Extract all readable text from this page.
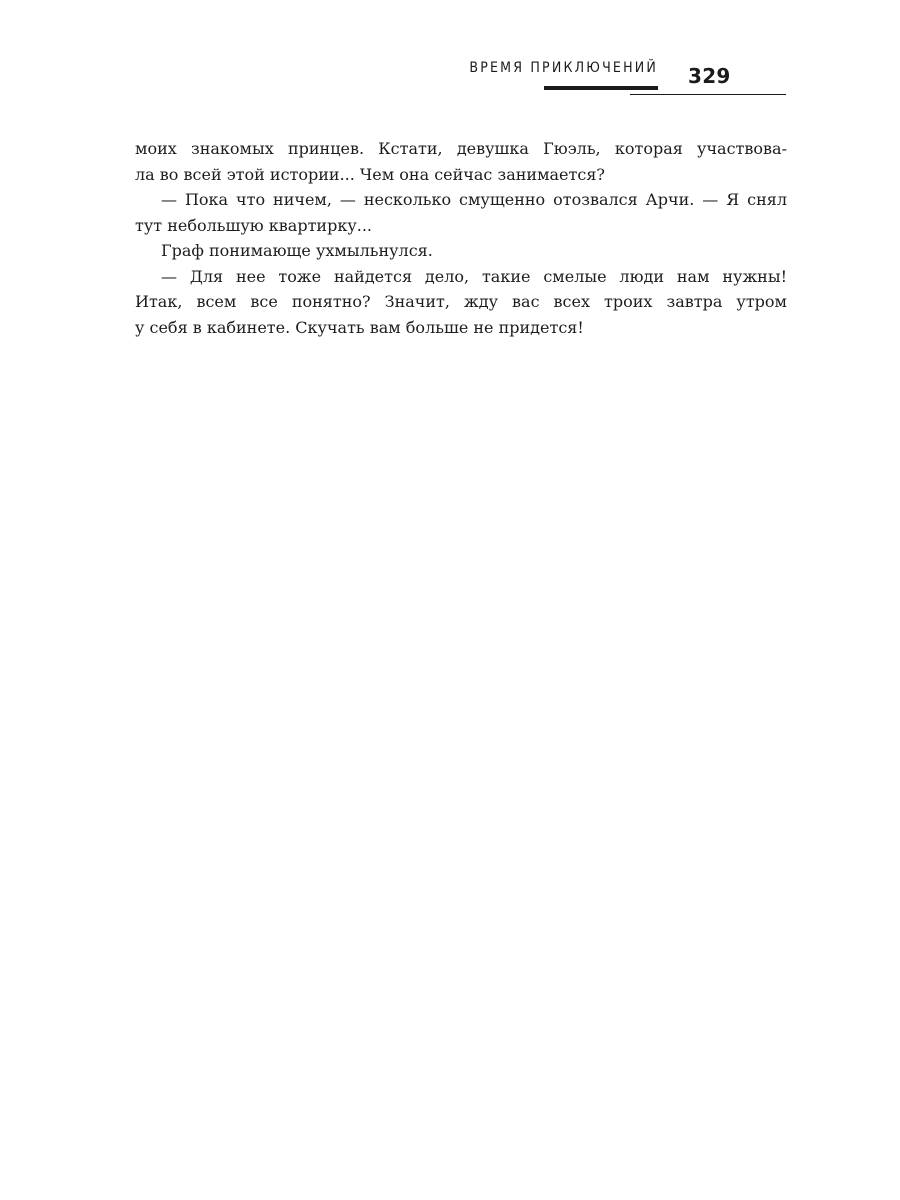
ВРЕМЯ ПРИКЛЮЧЕНИЙ 329

моих знакомых принцев. Кстати, девушка Гюэль, которая участвова-
ла во всей этой истории... Чем она сейчас занимается?

— Пока что ничем, — несколько смущенно отозвался Арчи. — Я снял
тут небольшую квартирку...

Граф понимающе ухмыльнулся.

— Для нее тоже найдется дело, такие смелые люди нам нужны!
Итак, всем все понятно? Значит, жду вас всех троих завтра утром
у себя в кабинете. Скучать вам больше не придется!
